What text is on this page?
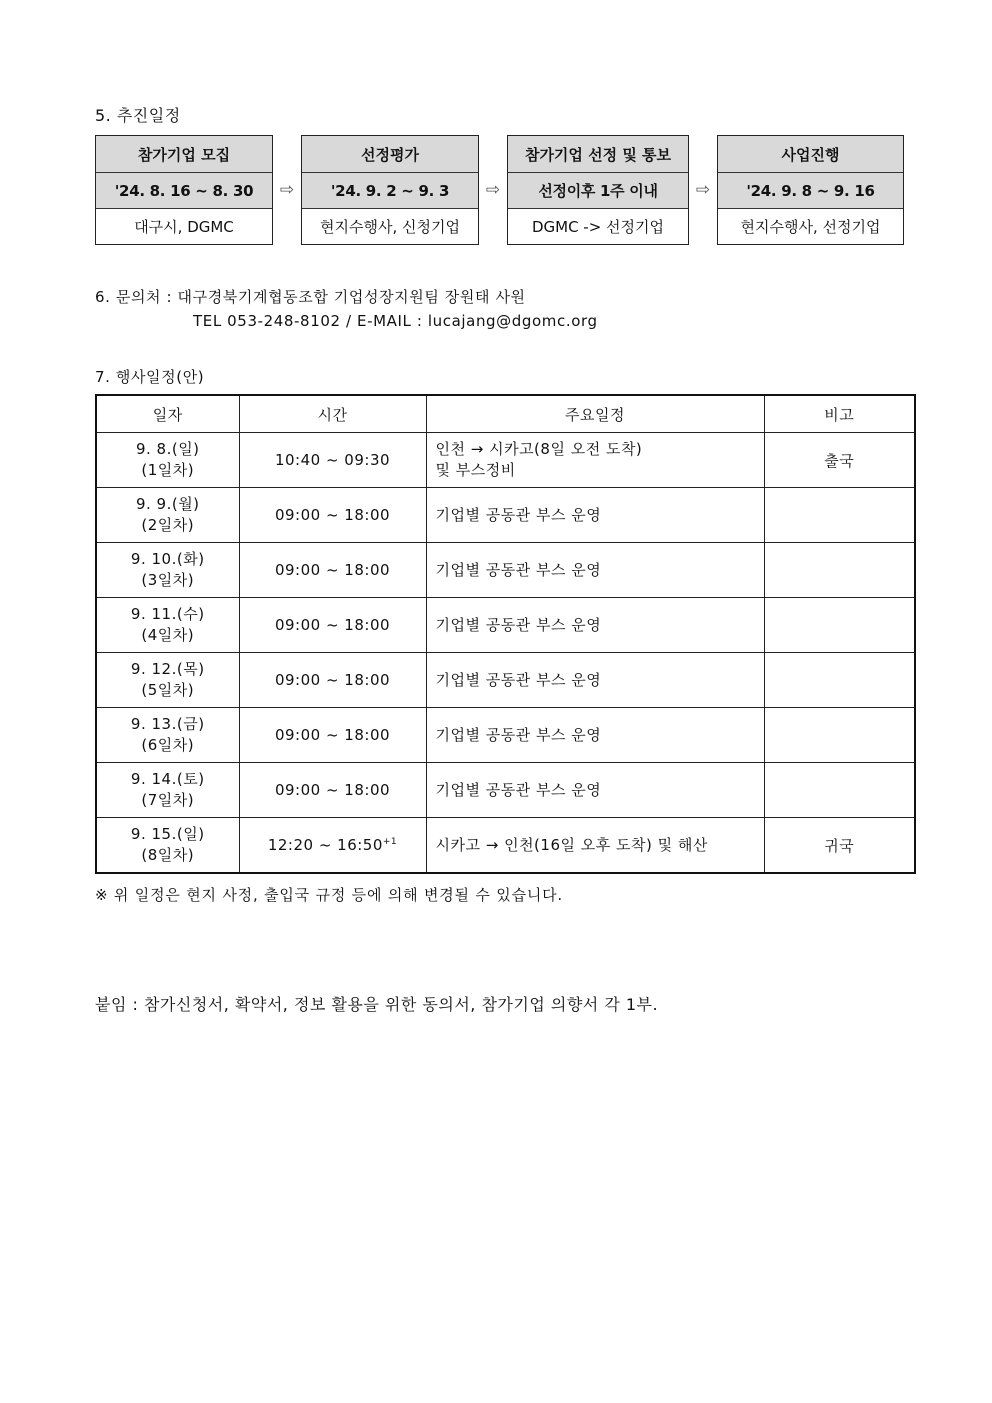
5. 추진일정
참가기업 모집
'24. 8. 16 ~ 8. 30
대구시, DGMC
⇨
선정평가
'24. 9. 2 ~ 9. 3
현지수행사, 신청기업
⇨
참가기업 선정 및 통보
선정이후 1주 이내
DGMC -> 선정기업
⇨
사업진행
'24. 9. 8 ~ 9. 16
현지수행사, 선정기업
6. 문의처 : 대구경북기계협동조합 기업성장지원팀 장원태 사원
TEL 053-248-8102 / E-MAIL : lucajang@dgomc.org
7. 행사일정(안)
일자	시간	주요일정	비고

9. 8.(일)
(1일차)	10:40 ~ 09:30	인천 → 시카고(8일 오전 도착)
및 부스정비	출국

9. 9.(월)
(2일차)	09:00 ~ 18:00	기업별 공동관 부스 운영	

9. 10.(화)
(3일차)	09:00 ~ 18:00	기업별 공동관 부스 운영	

9. 11.(수)
(4일차)	09:00 ~ 18:00	기업별 공동관 부스 운영	

9. 12.(목)
(5일차)	09:00 ~ 18:00	기업별 공동관 부스 운영	

9. 13.(금)
(6일차)	09:00 ~ 18:00	기업별 공동관 부스 운영	

9. 14.(토)
(7일차)	09:00 ~ 18:00	기업별 공동관 부스 운영	

9. 15.(일)
(8일차)	12:20 ~ $16:50^{+1}$	시카고 → 인천(16일 오후 도착) 및 해산	귀국
※ 위 일정은 현지 사정, 출입국 규정 등에 의해 변경될 수 있습니다.
붙임 : 참가신청서, 확약서, 정보 활용을 위한 동의서, 참가기업 의향서 각 1부.
